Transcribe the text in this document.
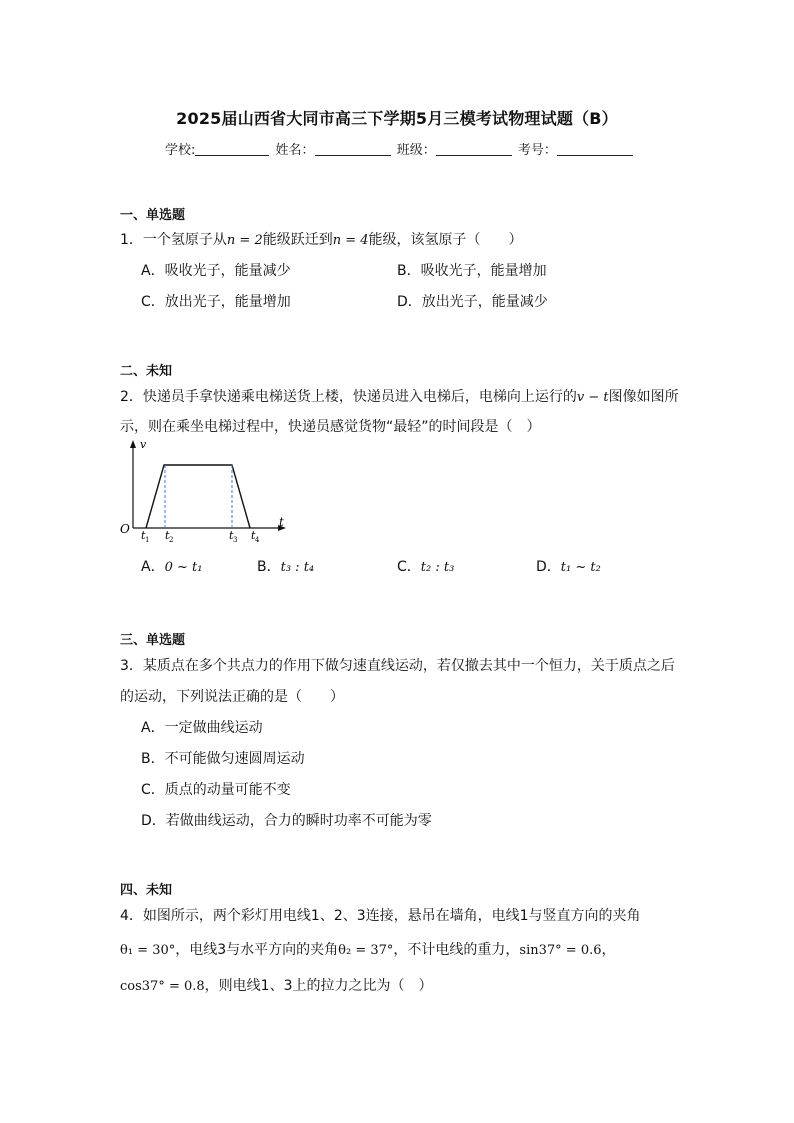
2025届山西省大同市高三下学期5月三模考试物理试题（B）
学校:	姓名：	班级：	考号：
一、单选题
1．一个氢原子从n = 2能级跃迁到n = 4能级，该氢原子（　　）
A．吸收光子，能量减少	B．吸收光子，能量增加
C．放出光子，能量增加	D．放出光子，能量减少
二、未知
2．快递员手拿快递乘电梯送货上楼，快递员进入电梯后，电梯向上运行的v − t图像如图所
示，则在乘坐电梯过程中，快递员感觉货物“最轻”的时间段是（　）
v
t
O t 1 t 2	t 3 t 4
A．0 ~ t₁	B．t₃ : t₄	C．t₂ : t₃	D．t₁ ~ t₂
三、单选题
3．某质点在多个共点力的作用下做匀速直线运动，若仅撤去其中一个恒力，关于质点之后
的运动，下列说法正确的是（　　）
A．一定做曲线运动
B．不可能做匀速圆周运动
C．质点的动量可能不变
D．若做曲线运动，合力的瞬时功率不可能为零
四、未知
4．如图所示，两个彩灯用电线1、2、3连接，悬吊在墙角，电线1与竖直方向的夹角
θ₁ = 30°，电线3与水平方向的夹角θ₂ = 37°，不计电线的重力，sin37° = 0.6，
cos37° = 0.8，则电线1、3上的拉力之比为（　）
